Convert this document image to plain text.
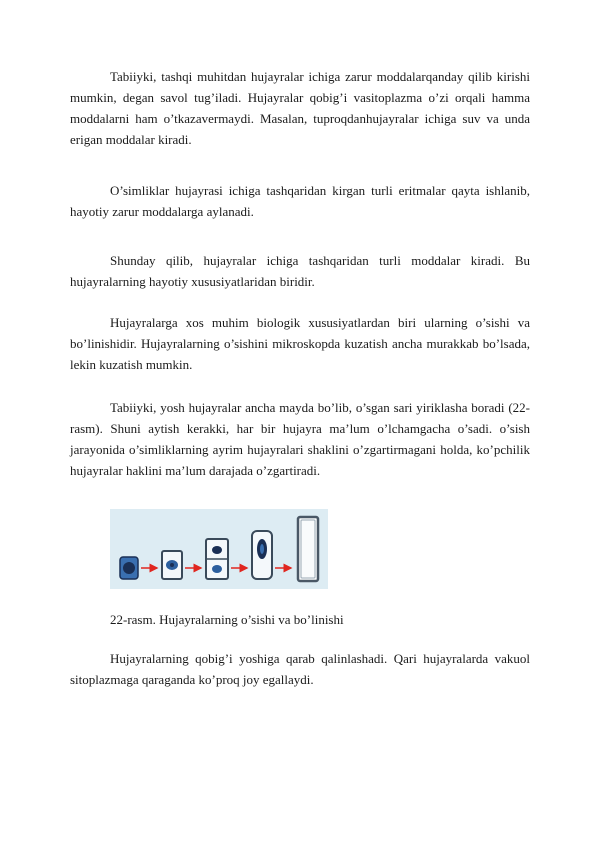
Tabiiyki, tashqi muhitdan hujayralar ichiga zarur moddalarqanday qilib kirishi mumkin, degan savol tug’iladi. Hujayralar qobig’i vasitoplazma o’zi orqali hamma moddalarni ham o’tkazavermaydi. Masalan, tuproqdanhujayralar ichiga suv va unda erigan moddalar kiradi.

O’simliklar hujayrasi ichiga tashqaridan kirgan turli eritmalar qayta ishlanib, hayotiy zarur moddalarga aylanadi.

Shunday qilib, hujayralar ichiga tashqaridan turli moddalar kiradi. Bu hujayralarning hayotiy xususiyatlaridan biridir.

Hujayralarga xos muhim biologik xususiyatlardan biri ularning o’sishi va bo’linishidir. Hujayralarning o’sishini mikroskopda kuzatish ancha murakkab bo’lsada, lekin kuzatish mumkin.

Tabiiyki, yosh hujayralar ancha mayda bo’lib, o’sgan sari yiriklasha boradi (22-rasm). Shuni aytish kerakki, har bir hujayra ma’lum o’lchamgacha o’sadi. o’sish jarayonida o’simliklarning ayrim hujayralari shaklini o’zgartirmagani holda, ko’pchilik hujayralar haklini ma’lum darajada o’zgartiradi.

22-rasm. Hujayralarning o’sishi va bo’linishi

Hujayralarning qobig’i yoshiga qarab qalinlashadi. Qari hujayralarda vakuol sitoplazmaga qaraganda ko’proq joy egallaydi.
